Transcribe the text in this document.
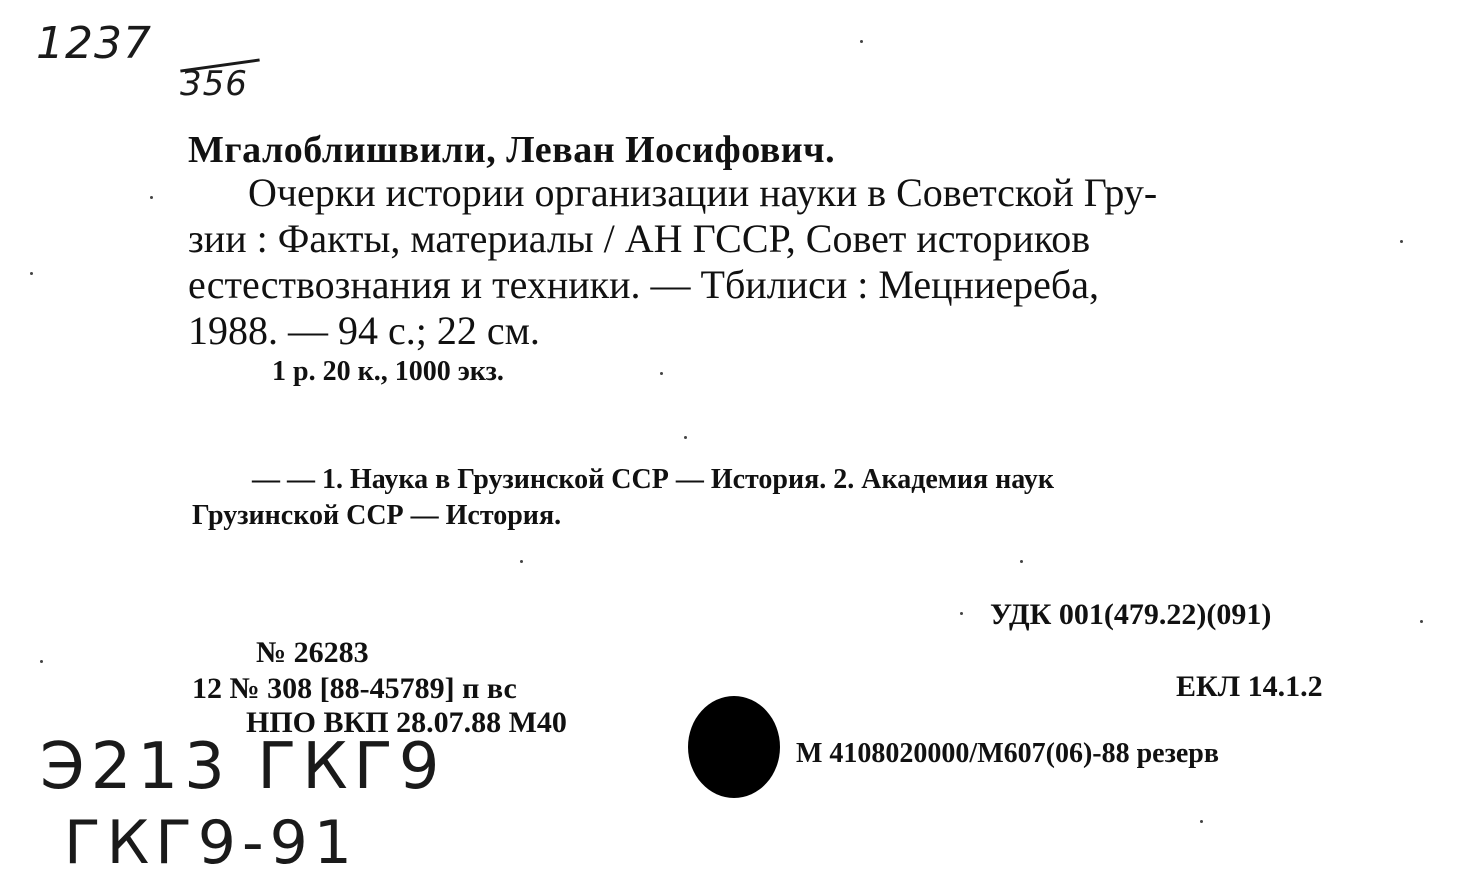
1237
356
Мгалоблишвили, Леван Иосифович.
Очерки истории организации науки в Советской Гру-
зии : Факты, материалы / АН ГССР, Совет историков
естествознания и техники. — Тбилиси : Мецниереба,
1988. — 94 с.; 22 см.
1 р. 20 к., 1000 экз.
— — 1. Наука в Грузинской ССР — История. 2. Академия наук
Грузинской ССР — История.
УДК 001(479.22)(091)
№ 26283
12 № 308 [88-45789] п вс	ЕКЛ 14.1.2
НПО ВКП 28.07.88 М40
М 4108020000/М607(06)-88 резерв
Э213 ГКГ9
ГКГ9-91
